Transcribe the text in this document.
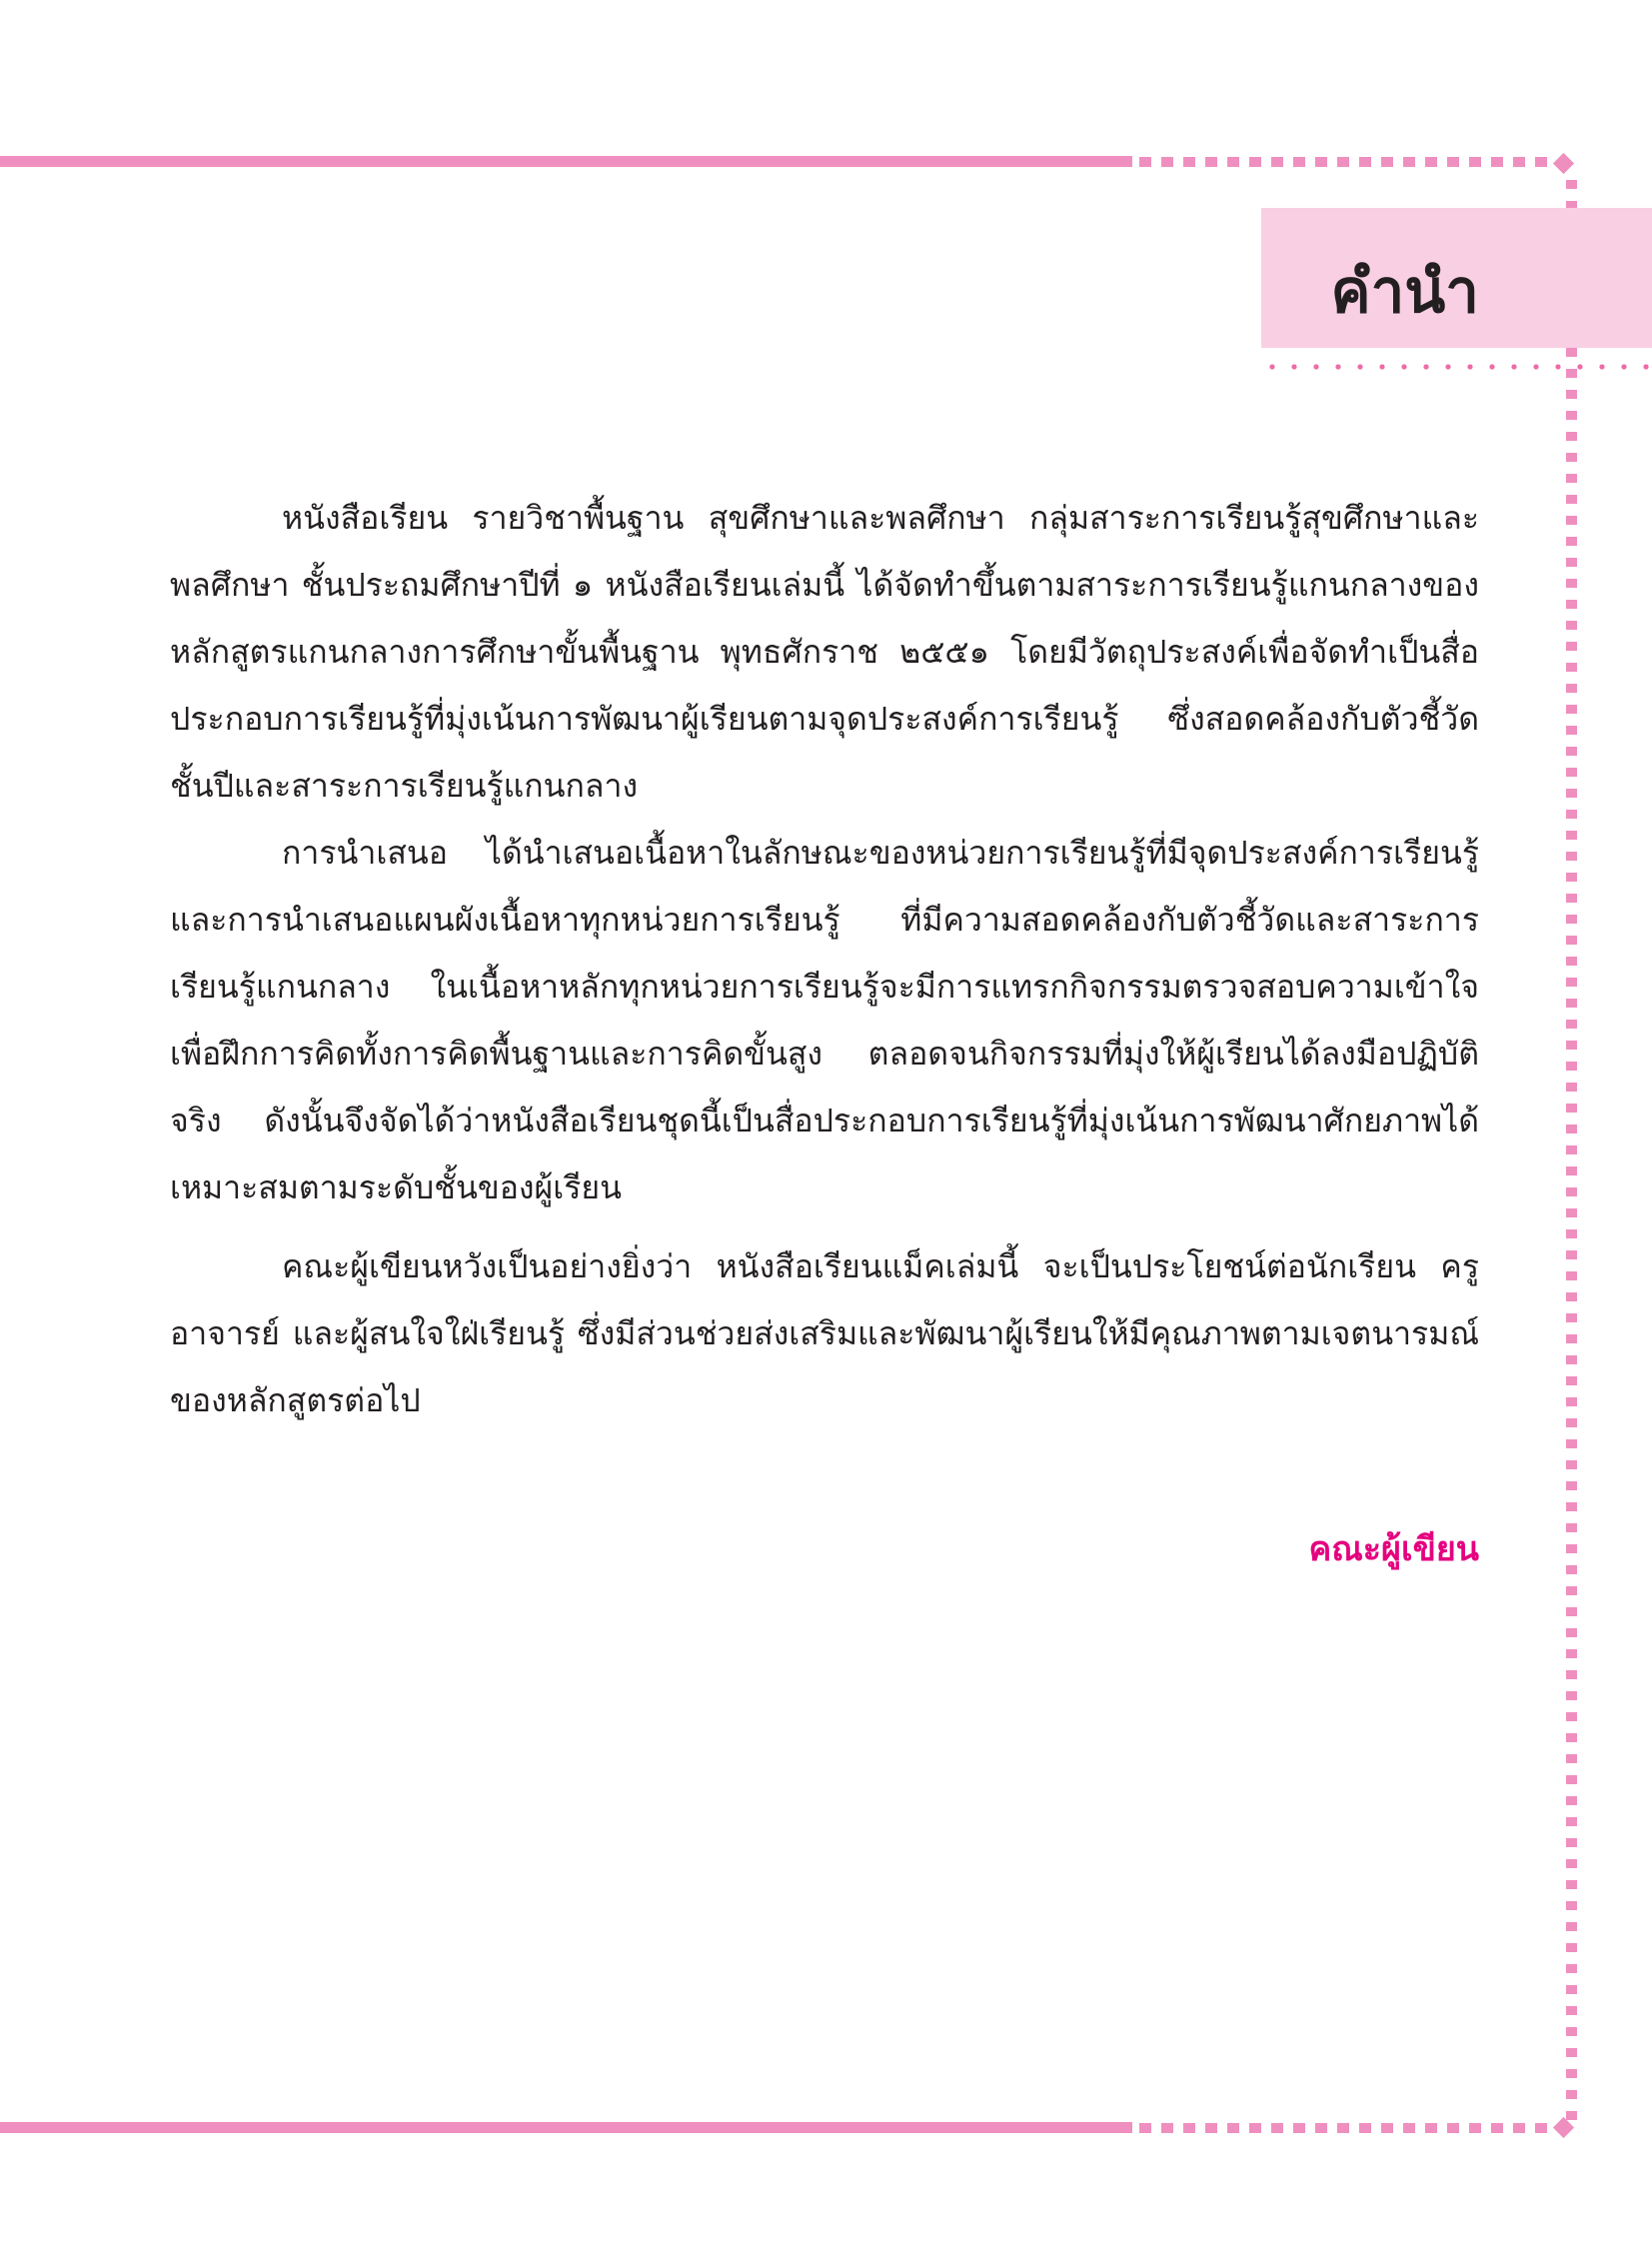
คำนำ

หนังสือเรียน รายวิชาพื้นฐาน สุขศึกษาและพลศึกษา กลุ่มสาระการเรียนรู้สุขศึกษาและพลศึกษา ชั้นประถมศึกษาปีที่ ๑ หนังสือเรียนเล่มนี้ ได้จัดทำขึ้นตามสาระการเรียนรู้แกนกลางของหลักสูตรแกนกลางการศึกษาขั้นพื้นฐาน พุทธศักราช ๒๕๕๑ โดยมีวัตถุประสงค์เพื่อจัดทำเป็นสื่อประกอบการเรียนรู้ที่มุ่งเน้นการพัฒนาผู้เรียนตามจุดประสงค์การเรียนรู้ ซึ่งสอดคล้องกับตัวชี้วัดชั้นปีและสาระการเรียนรู้แกนกลาง

การนำเสนอ ได้นำเสนอเนื้อหาในลักษณะของหน่วยการเรียนรู้ที่มีจุดประสงค์การเรียนรู้และการนำเสนอแผนผังเนื้อหาทุกหน่วยการเรียนรู้ ที่มีความสอดคล้องกับตัวชี้วัดและสาระการเรียนรู้แกนกลาง ในเนื้อหาหลักทุกหน่วยการเรียนรู้จะมีการแทรกกิจกรรมตรวจสอบความเข้าใจ เพื่อฝึกการคิดทั้งการคิดพื้นฐานและการคิดขั้นสูง ตลอดจนกิจกรรมที่มุ่งให้ผู้เรียนได้ลงมือปฏิบัติจริง ดังนั้นจึงจัดได้ว่าหนังสือเรียนชุดนี้เป็นสื่อประกอบการเรียนรู้ที่มุ่งเน้นการพัฒนาศักยภาพได้เหมาะสมตามระดับชั้นของผู้เรียน

คณะผู้เขียนหวังเป็นอย่างยิ่งว่า หนังสือเรียนแม็คเล่มนี้ จะเป็นประโยชน์ต่อนักเรียน ครู อาจารย์ และผู้สนใจใฝ่เรียนรู้ ซึ่งมีส่วนช่วยส่งเสริมและพัฒนาผู้เรียนให้มีคุณภาพตามเจตนารมณ์ของหลักสูตรต่อไป

คณะผู้เขียน
